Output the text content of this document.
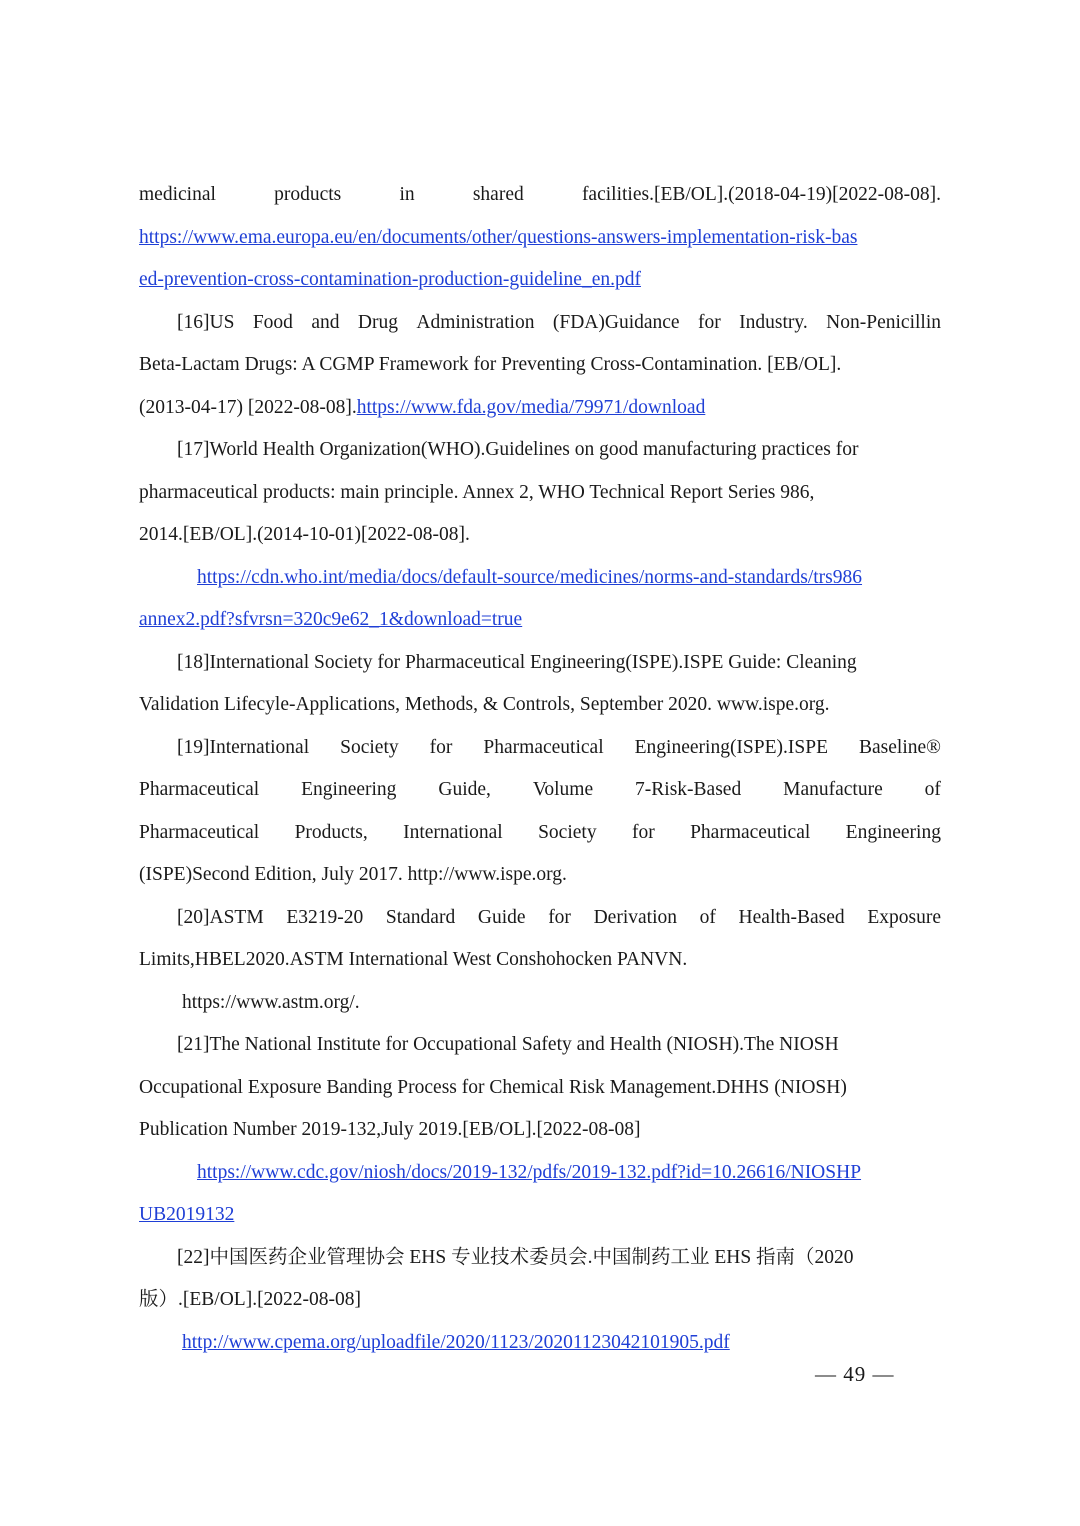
medicinal	products	in	shared	facilities.[EB/OL].(2018-04-19)[2022-08-08].
https://www.ema.europa.eu/en/documents/other/questions-answers-implementation-risk-bas
ed-prevention-cross-contamination-production-guideline_en.pdf
[16]US Food and Drug Administration (FDA)Guidance for Industry. Non-Penicillin
Beta-Lactam Drugs: A CGMP Framework for Preventing Cross-Contamination. [EB/OL].
(2013-04-17) [2022-08-08].https://www.fda.gov/media/79971/download
[17]World Health Organization(WHO).Guidelines on good manufacturing practices for
pharmaceutical products: main principle. Annex 2, WHO Technical Report Series 986,
2014.[EB/OL].(2014-10-01)[2022-08-08].
https://cdn.who.int/media/docs/default-source/medicines/norms-and-standards/trs986
annex2.pdf?sfvrsn=320c9e62_1&download=true
[18]International Society for Pharmaceutical Engineering(ISPE).ISPE Guide: Cleaning
Validation Lifecyle-Applications, Methods, & Controls, September 2020. www.ispe.org.
[19]International Society for Pharmaceutical Engineering(ISPE).ISPE Baseline®
Pharmaceutical Engineering Guide, Volume 7-Risk-Based Manufacture of
Pharmaceutical Products, International Society for Pharmaceutical Engineering
(ISPE)Second Edition, July 2017. http://www.ispe.org.
[20]ASTM E3219-20 Standard Guide for Derivation of Health-Based Exposure
Limits,HBEL2020.ASTM International West Conshohocken PANVN.
https://www.astm.org/.
[21]The National Institute for Occupational Safety and Health (NIOSH).The NIOSH
Occupational Exposure Banding Process for Chemical Risk Management.DHHS (NIOSH)
Publication Number 2019-132,July 2019.[EB/OL].[2022-08-08]
https://www.cdc.gov/niosh/docs/2019-132/pdfs/2019-132.pdf?id=10.26616/NIOSHP
UB2019132
[22]中国医药企业管理协会 EHS 专业技术委员会.中国制药工业 EHS 指南（2020
版）.[EB/OL].[2022-08-08]
http://www.cpema.org/uploadfile/2020/1123/20201123042101905.pdf
— 49 —
